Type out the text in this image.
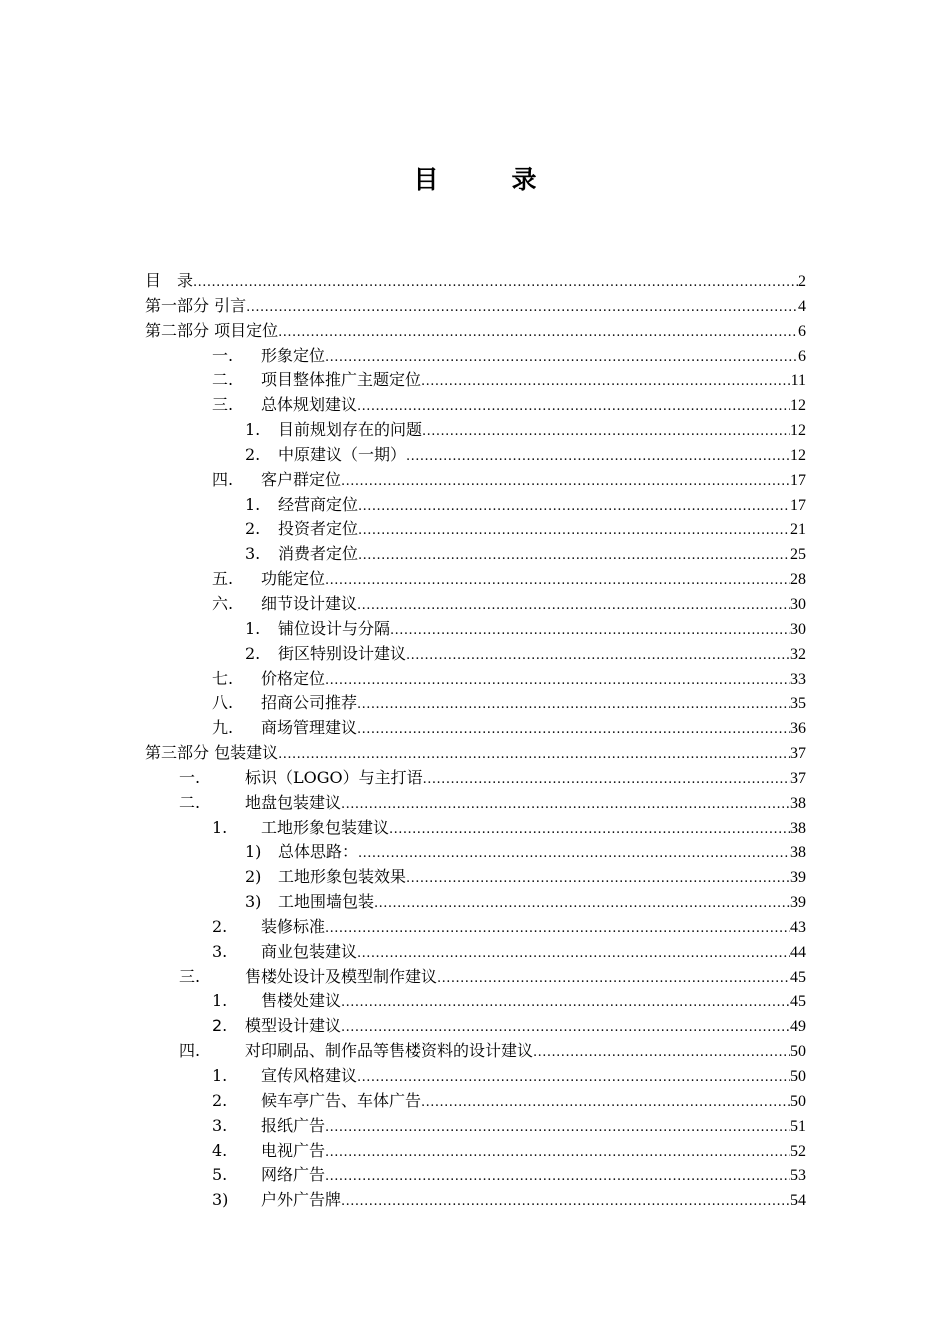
目　录
目　录 .....	2
第一部分 引言 .....	4
第二部分 项目定位 .....	6
一.	形象定位 .....	6
二.	项目整体推广主题定位 .....	11
三.	总体规划建议 .....	12
1.	目前规划存在的问题 .....	12
2.	中原建议（一期） .....	12
四.	客户群定位 .....	17
1.	经营商定位 .....	17
2.	投资者定位 .....	21
3.	消费者定位 .....	25
五.	功能定位 .....	28
六.	细节设计建议 .....	30
1.	铺位设计与分隔 .....	30
2.	街区特别设计建议 .....	32
七.	价格定位 .....	33
八.	招商公司推荐 .....	35
九.	商场管理建议 .....	36
第三部分 包装建议 .....	37
一.	标识（LOGO）与主打语 .....	37
二.	地盘包装建议 .....	38
1.	工地形象包装建议 .....	38
1)	总体思路： .....	38
2)	工地形象包装效果 .....	39
3)	工地围墙包装 .....	39
2.	装修标准 .....	43
3.	商业包装建议 .....	44
三.	售楼处设计及模型制作建议 .....	45
1.	售楼处建议 .....	45
2.	模型设计建议 .....	49
四.	对印刷品、制作品等售楼资料的设计建议 .....	50
1.	宣传风格建议 .....	50
2.	候车亭广告、车体广告 .....	50
3.	报纸广告 .....	51
4.	电视广告 .....	52
5.	网络广告 .....	53
3)	户外广告牌 .....	54
